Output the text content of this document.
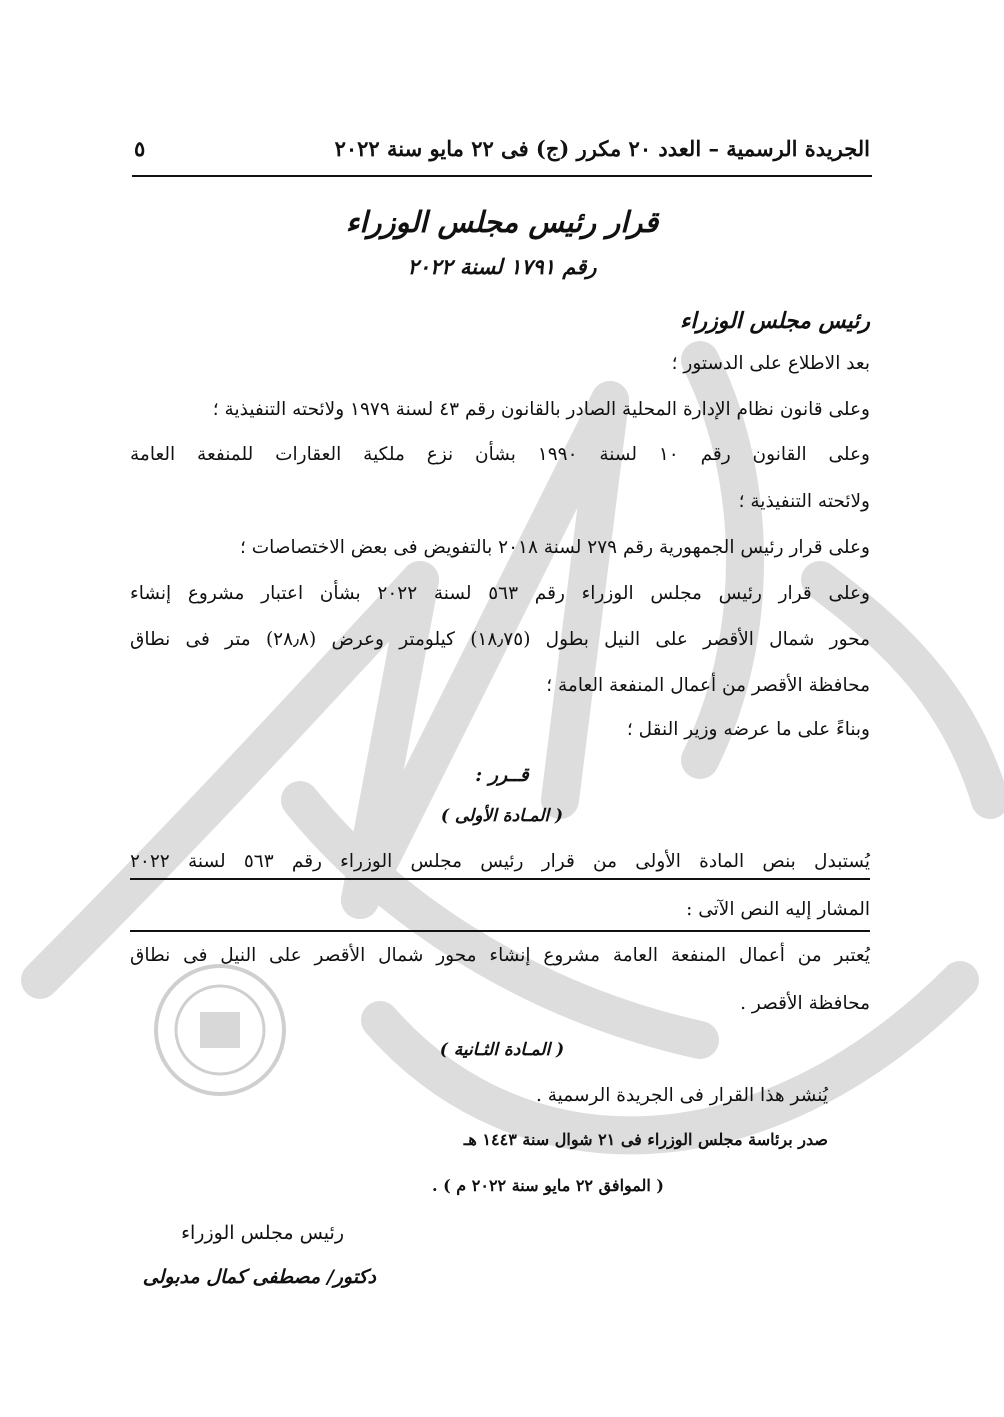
الجريدة الرسمية – العدد ٢٠ مكرر (ج) فى ٢٢ مايو سنة ٢٠٢٢
٥
قرار رئيس مجلس الوزراء
رقم ١٧٩١ لسنة ٢٠٢٢
رئيس مجلس الوزراء
بعد الاطلاع على الدستور ؛
وعلى قانون نظام الإدارة المحلية الصادر بالقانون رقم ٤٣ لسنة ١٩٧٩ ولائحته التنفيذية ؛
وعلى القانون رقم ١٠ لسنة ١٩٩٠ بشأن نزع ملكية العقارات للمنفعة العامة
ولائحته التنفيذية ؛
وعلى قرار رئيس الجمهورية رقم ٢٧٩ لسنة ٢٠١٨ بالتفويض فى بعض الاختصاصات ؛
وعلى قرار رئيس مجلس الوزراء رقم ٥٦٣ لسنة ٢٠٢٢ بشأن اعتبار مشروع إنشاء
محور شمال الأقصر على النيل بطول (١٨٫٧٥) كيلومتر وعرض (٢٨٫٨) متر فى نطاق
محافظة الأقصر من أعمال المنفعة العامة ؛
وبناءً على ما عرضه وزير النقل ؛
قــرر :
( المـادة الأولى )
يُستبدل بنص المادة الأولى من قرار رئيس مجلس الوزراء رقم ٥٦٣ لسنة ٢٠٢٢
المشار إليه النص الآتى :
يُعتبر من أعمال المنفعة العامة مشروع إنشاء محور شمال الأقصر على النيل فى نطاق
محافظة الأقصر .
( المـادة الثـانية )
يُنشر هذا القرار فى الجريدة الرسمية .
صدر برئاسة مجلس الوزراء فى ٢١ شوال سنة ١٤٤٣ هـ
( الموافق ٢٢ مايو سنة ٢٠٢٢ م ) .
رئيس مجلس الوزراء
دكتور/ مصطفى كمال مدبولى
